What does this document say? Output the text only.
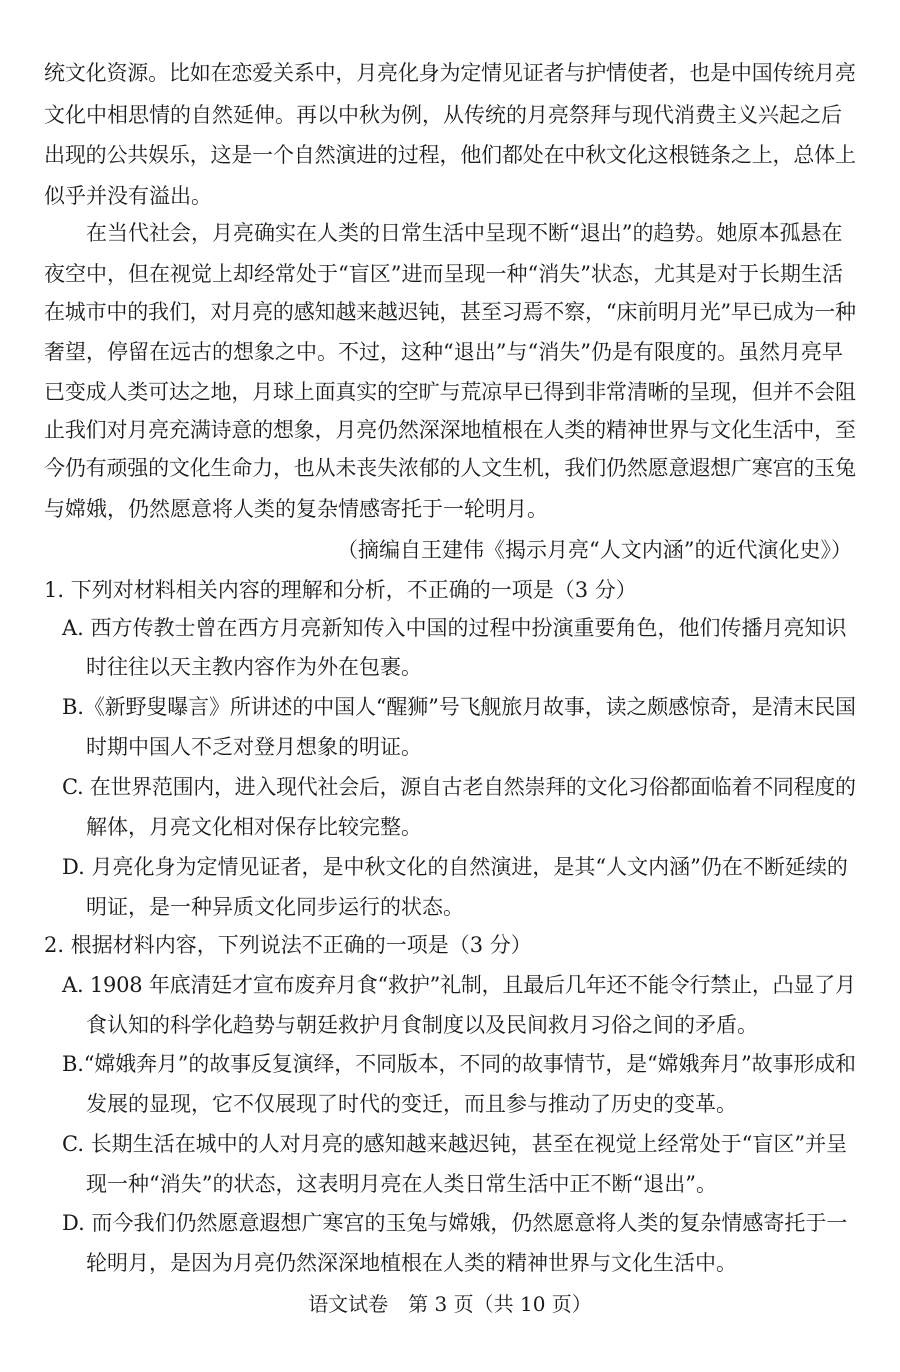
统文化资源。比如在恋爱关系中，月亮化身为定情见证者与护情使者，也是中国传统月亮
文化中相思情的自然延伸。再以中秋为例，从传统的月亮祭拜与现代消费主义兴起之后
出现的公共娱乐，这是一个自然演进的过程，他们都处在中秋文化这根链条之上，总体上
似乎并没有溢出。
在当代社会，月亮确实在人类的日常生活中呈现不断“退出”的趋势。她原本孤悬在
夜空中，但在视觉上却经常处于“盲区”进而呈现一种“消失”状态，尤其是对于长期生活
在城市中的我们，对月亮的感知越来越迟钝，甚至习焉不察，“床前明月光”早已成为一种
奢望，停留在远古的想象之中。不过，这种“退出”与“消失”仍是有限度的。虽然月亮早
已变成人类可达之地，月球上面真实的空旷与荒凉早已得到非常清晰的呈现，但并不会阻
止我们对月亮充满诗意的想象，月亮仍然深深地植根在人类的精神世界与文化生活中，至
今仍有顽强的文化生命力，也从未丧失浓郁的人文生机，我们仍然愿意遐想广寒宫的玉兔
与嫦娥，仍然愿意将人类的复杂情感寄托于一轮明月。
（摘编自王建伟《揭示月亮“人文内涵”的近代演化史》）
1. 下列对材料相关内容的理解和分析，不正确的一项是（3 分）
A. 西方传教士曾在西方月亮新知传入中国的过程中扮演重要角色，他们传播月亮知识
时往往以天主教内容作为外在包裹。
B.《新野叟曝言》所讲述的中国人“醒狮”号飞舰旅月故事，读之颇感惊奇，是清末民国
时期中国人不乏对登月想象的明证。
C. 在世界范围内，进入现代社会后，源自古老自然崇拜的文化习俗都面临着不同程度的
解体，月亮文化相对保存比较完整。
D. 月亮化身为定情见证者，是中秋文化的自然演进，是其“人文内涵”仍在不断延续的
明证，是一种异质文化同步运行的状态。
2. 根据材料内容，下列说法不正确的一项是（3 分）
A. 1908 年底清廷才宣布废弃月食“救护”礼制，且最后几年还不能令行禁止，凸显了月
食认知的科学化趋势与朝廷救护月食制度以及民间救月习俗之间的矛盾。
B.“嫦娥奔月”的故事反复演绎，不同版本，不同的故事情节，是“嫦娥奔月”故事形成和
发展的显现，它不仅展现了时代的变迁，而且参与推动了历史的变革。
C. 长期生活在城中的人对月亮的感知越来越迟钝，甚至在视觉上经常处于“盲区”并呈
现一种“消失”的状态，这表明月亮在人类日常生活中正不断“退出”。
D. 而今我们仍然愿意遐想广寒宫的玉兔与嫦娥，仍然愿意将人类的复杂情感寄托于一
轮明月，是因为月亮仍然深深地植根在人类的精神世界与文化生活中。
语文试卷　第 3 页（共 10 页）
